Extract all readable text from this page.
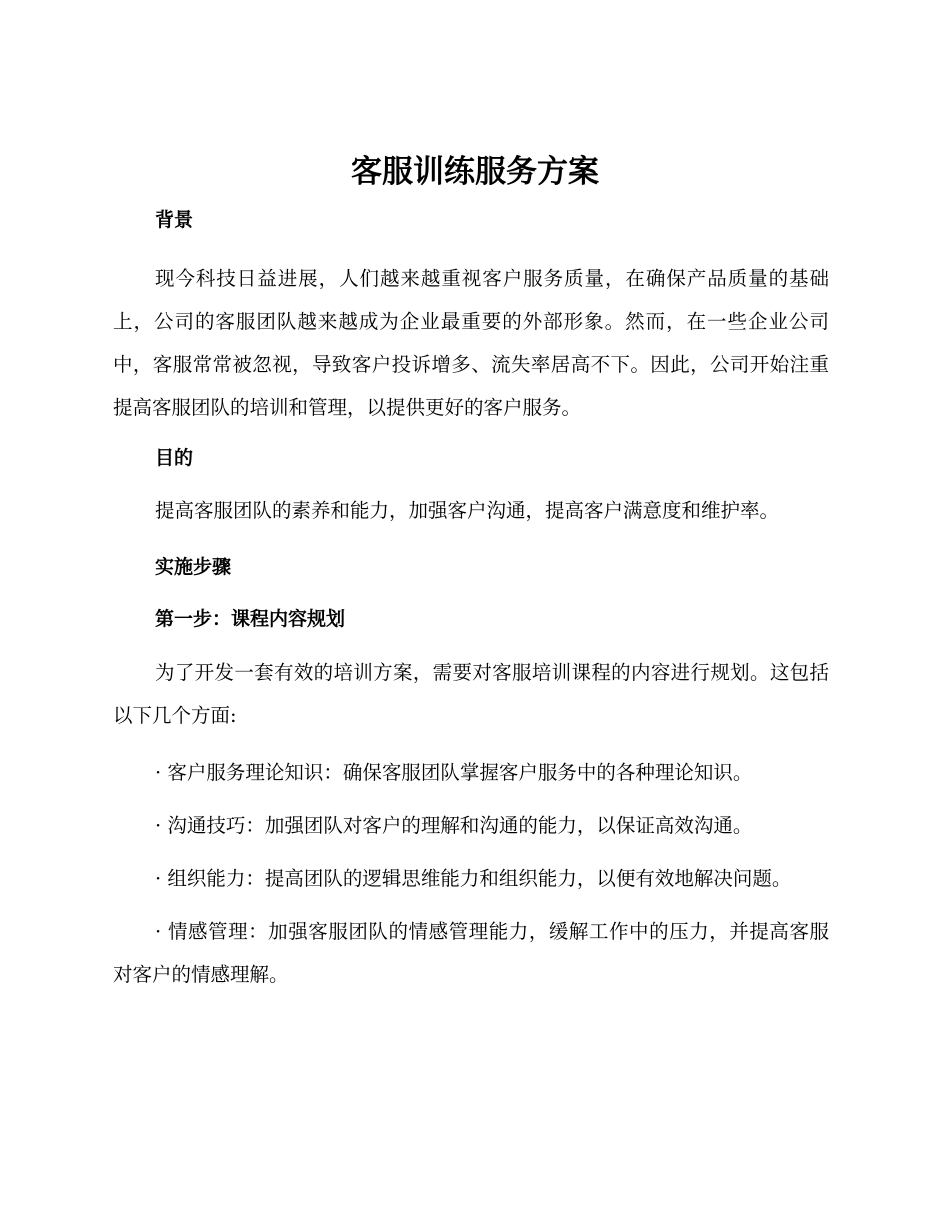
客服训练服务方案

背景

现今科技日益进展，人们越来越重视客户服务质量，在确保产品质量的基础上，公司的客服团队越来越成为企业最重要的外部形象。然而，在一些企业公司中，客服常常被忽视，导致客户投诉增多、流失率居高不下。因此，公司开始注重提高客服团队的培训和管理，以提供更好的客户服务。

目的

提高客服团队的素养和能力，加强客户沟通，提高客户满意度和维护率。

实施步骤

第一步：课程内容规划

为了开发一套有效的培训方案，需要对客服培训课程的内容进行规划。这包括以下几个方面:

· 客户服务理论知识：确保客服团队掌握客户服务中的各种理论知识。

· 沟通技巧：加强团队对客户的理解和沟通的能力，以保证高效沟通。

· 组织能力：提高团队的逻辑思维能力和组织能力，以便有效地解决问题。

· 情感管理：加强客服团队的情感管理能力，缓解工作中的压力，并提高客服对客户的情感理解。
